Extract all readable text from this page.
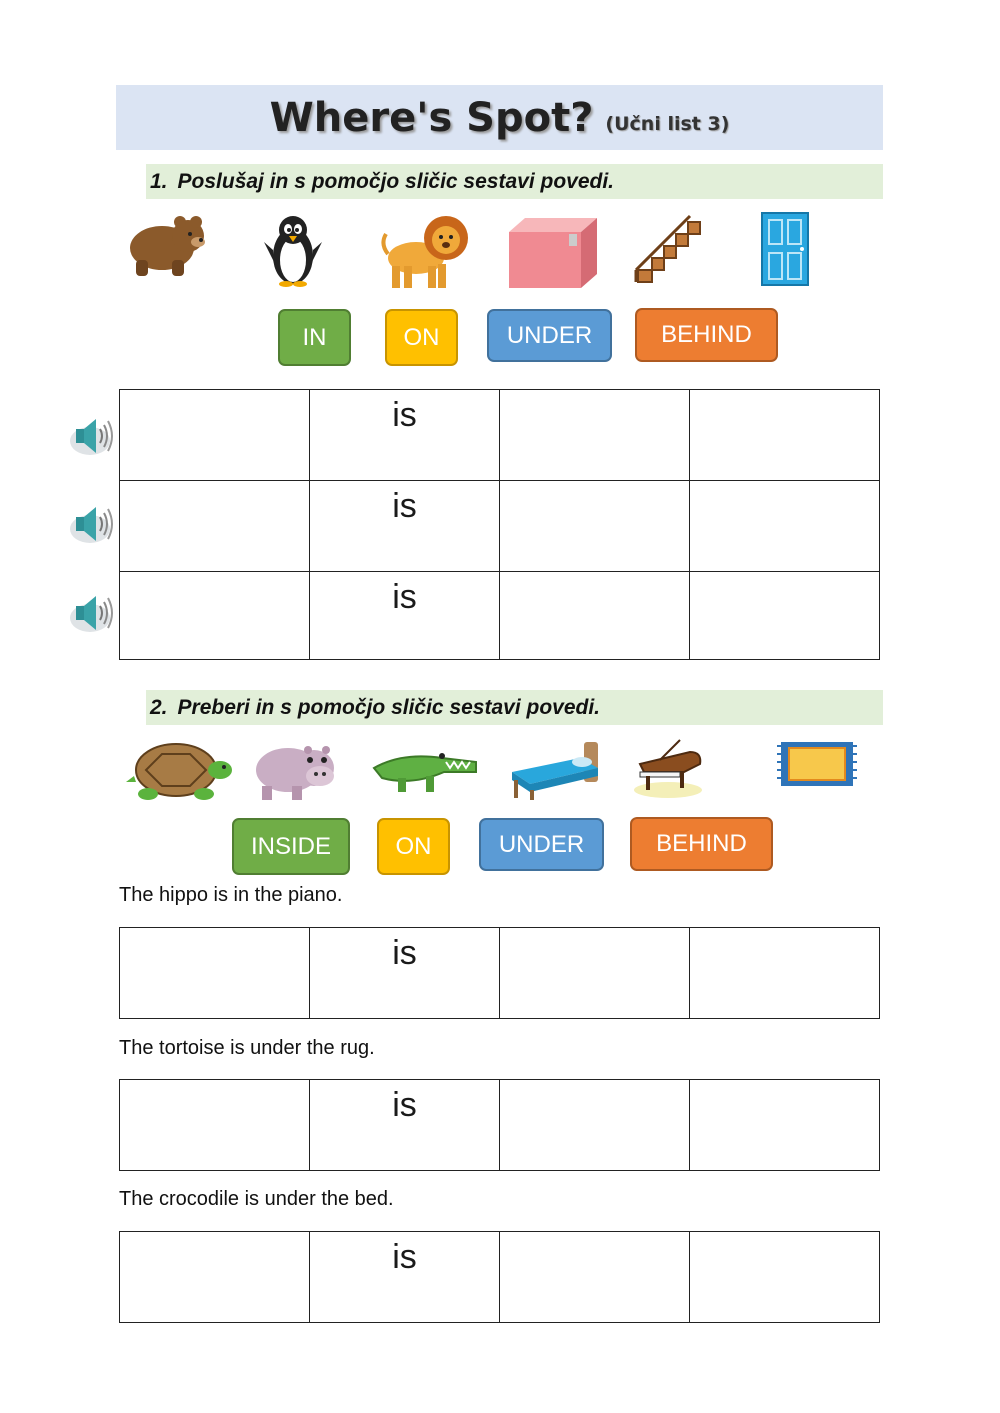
Where's Spot? (Učni list 3)
1. Poslušaj in s pomočjo sličic sestavi povedi.
IN	ON	UNDER	BEHIND
	is		
	is		
	is		
2. Preberi in s pomočjo sličic sestavi povedi.
INSIDE	ON	UNDER	BEHIND
The hippo is in the piano.
	is		
The tortoise is under the rug.
	is		
The crocodile is under the bed.
	is		
